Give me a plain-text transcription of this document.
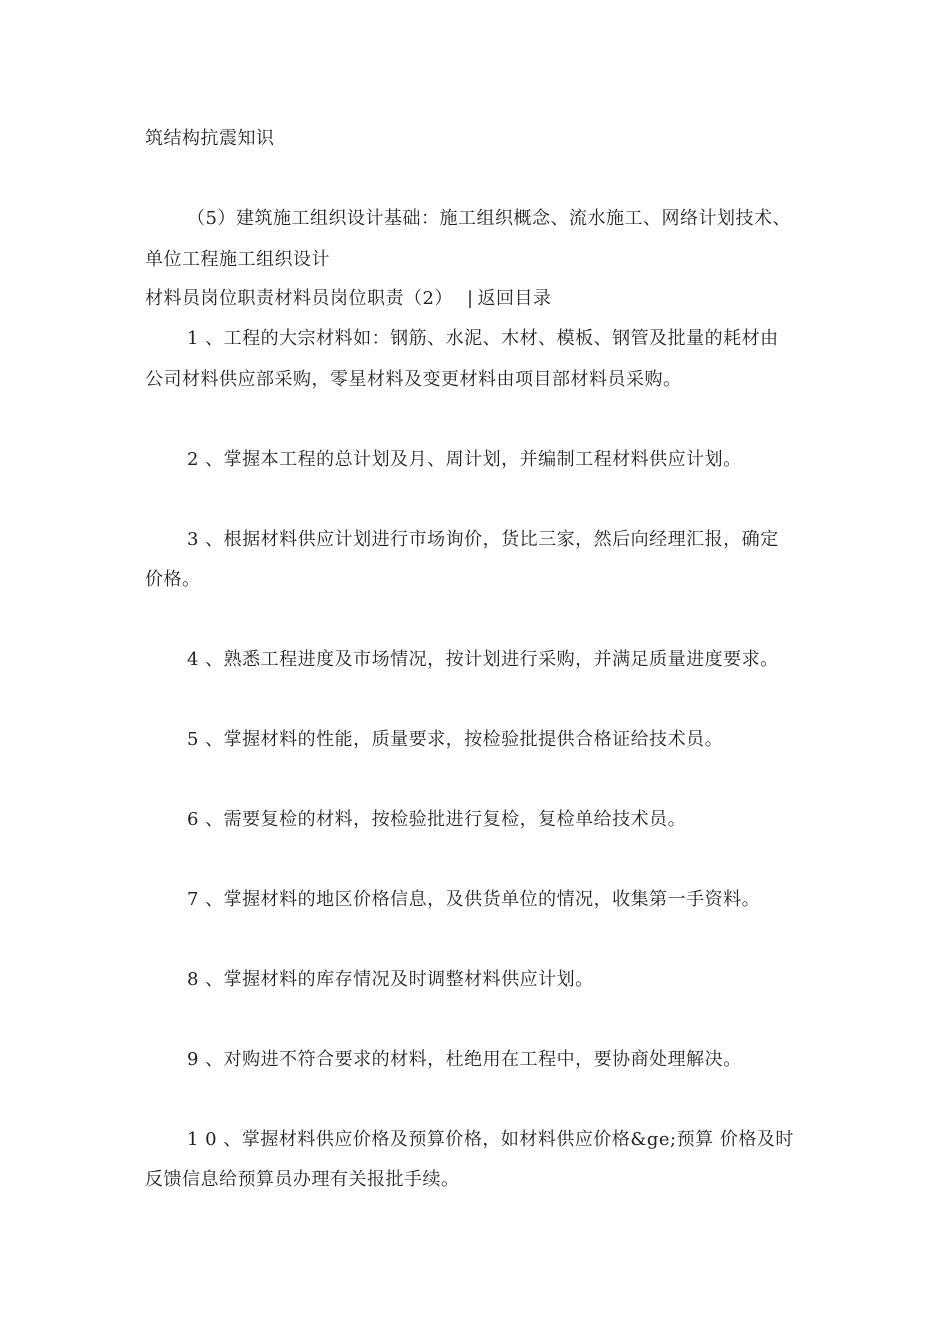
筑结构抗震知识
（5）建筑施工组织设计基础：施工组织概念、流水施工、网络计划技术、
单位工程施工组织设计
材料员岗位职责材料员岗位职责（2） | 返回目录
1 、工程的大宗材料如：钢筋、水泥、木材、模板、钢管及批量的耗材由
公司材料供应部采购，零星材料及变更材料由项目部材料员采购。
2 、掌握本工程的总计划及月、周计划，并编制工程材料供应计划。
3 、根据材料供应计划进行市场询价，货比三家，然后向经理汇报，确定
价格。
4 、熟悉工程进度及市场情况，按计划进行采购，并满足质量进度要求。
5 、掌握材料的性能，质量要求，按检验批提供合格证给技术员。
6 、需要复检的材料，按检验批进行复检，复检单给技术员。
7 、掌握材料的地区价格信息，及供货单位的情况，收集第一手资料。
8 、掌握材料的库存情况及时调整材料供应计划。
9 、对购进不符合要求的材料，杜绝用在工程中，要协商处理解决。
1 0 、掌握材料供应价格及预算价格，如材料供应价格&ge;预算 价格及时
反馈信息给预算员办理有关报批手续。
